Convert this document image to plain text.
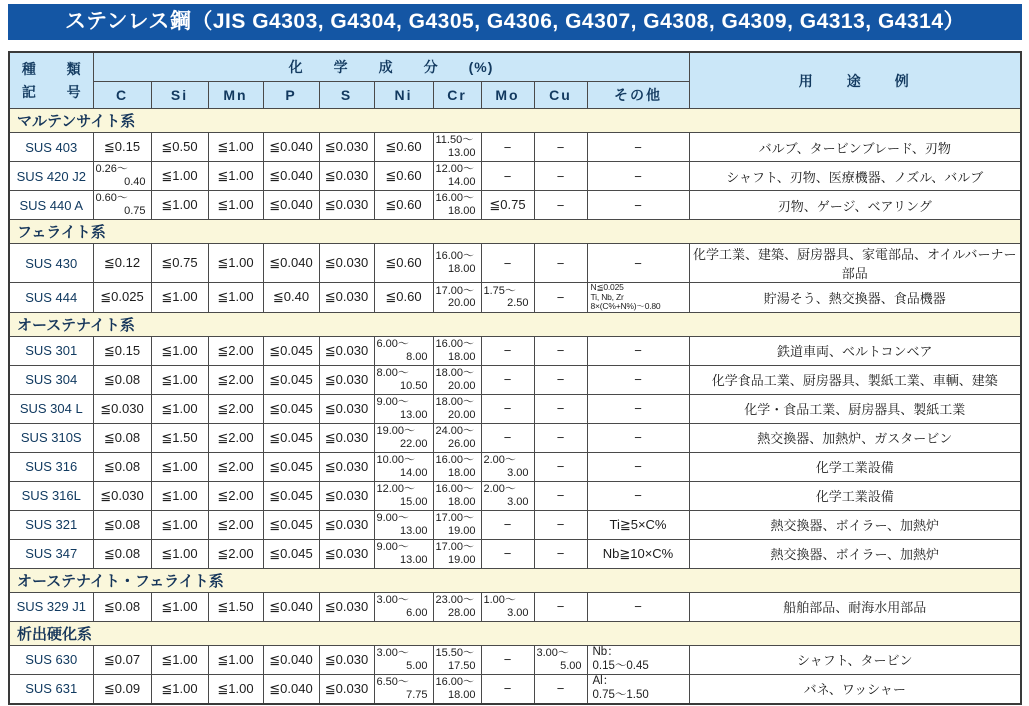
ステンレス鋼（JIS G4303, G4304, G4305, G4306, G4307, G4308, G4309, G4313, G4314）
種　類
記　号	化　　学　　成　　分　　(%)										用　　途　　例
	C	Si	Mn	P	S	Ni	Cr	Mo	Cu	その他	
マルテンサイト系											
SUS 403	≦0.15	≦0.50	≦1.00	≦0.040	≦0.030	≦0.60	11.50～
13.00	−	−	−	バルブ、タービンブレード、刃物
SUS 420 J2	0.26～
0.40	≦1.00	≦1.00	≦0.040	≦0.030	≦0.60	12.00～
14.00	−	−	−	シャフト、刃物、医療機器、ノズル、バルブ
SUS 440 A	0.60～
0.75	≦1.00	≦1.00	≦0.040	≦0.030	≦0.60	16.00～
18.00	≦0.75	−	−	刃物、ゲージ、ベアリング
フェライト系											
SUS 430	≦0.12	≦0.75	≦1.00	≦0.040	≦0.030	≦0.60	16.00～
18.00	−	−	−	化学工業、建築、厨房器具、家電部品、オイルバーナー部品
SUS 444	≦0.025	≦1.00	≦1.00	≦0.40	≦0.030	≦0.60	17.00～
20.00	1.75～
2.50	−	N≦0.025
Ti, Nb, Zr
8×(C%+N%)～0.80	貯湯そう、熱交換器、食品機器
オーステナイト系											
SUS 301	≦0.15	≦1.00	≦2.00	≦0.045	≦0.030	6.00～
8.00	16.00～
18.00	−	−	−	鉄道車両、ベルトコンベア
SUS 304	≦0.08	≦1.00	≦2.00	≦0.045	≦0.030	8.00～
10.50	18.00～
20.00	−	−	−	化学食品工業、厨房器具、製紙工業、車輌、建築
SUS 304 L	≦0.030	≦1.00	≦2.00	≦0.045	≦0.030	9.00～
13.00	18.00～
20.00	−	−	−	化学・食品工業、厨房器具、製紙工業
SUS 310S	≦0.08	≦1.50	≦2.00	≦0.045	≦0.030	19.00～
22.00	24.00～
26.00	−	−	−	熱交換器、加熱炉、ガスタービン
SUS 316	≦0.08	≦1.00	≦2.00	≦0.045	≦0.030	10.00～
14.00	16.00～
18.00	2.00～
3.00	−	−	化学工業設備
SUS 316L	≦0.030	≦1.00	≦2.00	≦0.045	≦0.030	12.00～
15.00	16.00～
18.00	2.00～
3.00	−	−	化学工業設備
SUS 321	≦0.08	≦1.00	≦2.00	≦0.045	≦0.030	9.00～
13.00	17.00～
19.00	−	−	Ti≧5×C%	熱交換器、ボイラー、加熱炉
SUS 347	≦0.08	≦1.00	≦2.00	≦0.045	≦0.030	9.00～
13.00	17.00～
19.00	−	−	Nb≧10×C%	熱交換器、ボイラー、加熱炉
オーステナイト・フェライト系											
SUS 329 J1	≦0.08	≦1.00	≦1.50	≦0.040	≦0.030	3.00～
6.00	23.00～
28.00	1.00～
3.00	−	−	船舶部品、耐海水用部品
析出硬化系											
SUS 630	≦0.07	≦1.00	≦1.00	≦0.040	≦0.030	3.00～
5.00	15.50～
17.50	−	3.00～
5.00	Nb：
0.15～0.45	シャフト、タービン
SUS 631	≦0.09	≦1.00	≦1.00	≦0.040	≦0.030	6.50～
7.75	16.00～
18.00	−	−	Al：
0.75～1.50	バネ、ワッシャー
